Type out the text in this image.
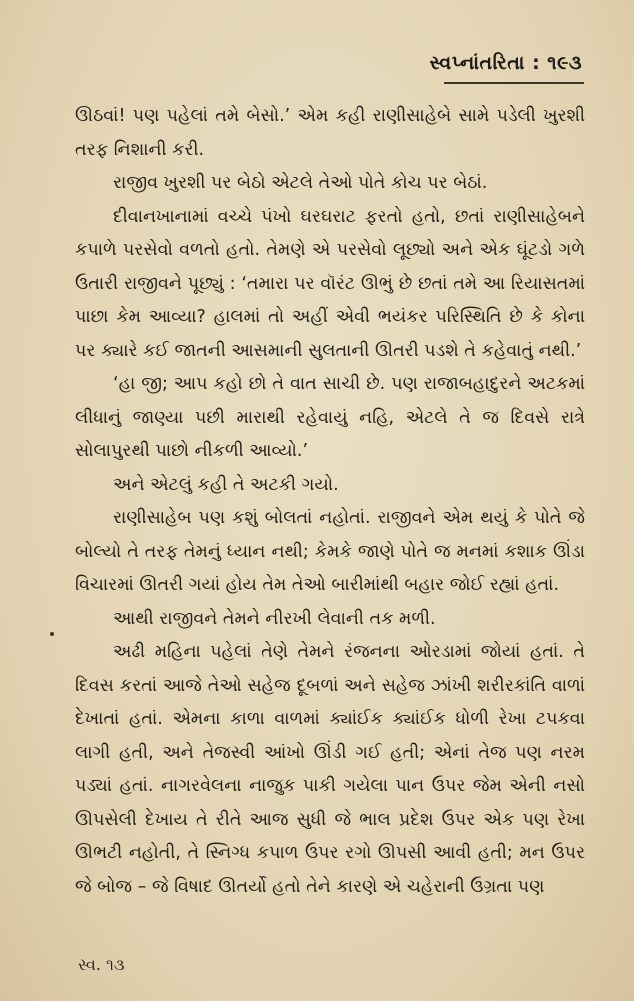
સ્વપ્નાંતરિતા : ૧૯૩

ઊઠવાં! પણ પહેલાં તમે બેસો.’ એમ કહી રાણીસાહેબે સામે પડેલી ખુરશી તરફ નિશાની કરી.

રાજીવ ખુરશી પર બેઠો એટલે તેઓ પોતે કોચ પર બેઠાં.

દીવાનખાનામાં વચ્ચે પંખો ઘરઘરાટ ફરતો હતો, છતાં રાણીસાહેબને કપાળે પરસેવો વળતો હતો. તેમણે એ પરસેવો લૂછ્યો અને એક ઘૂંટડો ગળે ઉતારી રાજીવને પૂછ્યું : ‘તમારા પર વૉરંટ ઊભું છે છતાં તમે આ રિયાસતમાં પાછા કેમ આવ્યા? હાલમાં તો અહીં એવી ભયંકર પરિસ્થિતિ છે કે કોના પર ક્યારે કઈ જાતની આસમાની સુલતાની ઊતરી પડશે તે કહેવાતું નથી.’

‘હા જી; આપ કહો છો તે વાત સાચી છે. પણ રાજાબહાદુરને અટકમાં લીધાનું જાણ્યા પછી મારાથી રહેવાયું નહિ, એટલે તે જ દિવસે રાત્રે સોલાપુરથી પાછો નીકળી આવ્યો.’

અને એટલું કહી તે અટકી ગયો.

રાણીસાહેબ પણ કશું બોલતાં નહોતાં. રાજીવને એમ થયું કે પોતે જે બોલ્યો તે તરફ તેમનું ધ્યાન નથી; કેમકે જાણે પોતે જ મનમાં કશાક ઊંડા વિચારમાં ઊતરી ગયાં હોય તેમ તેઓ બારીમાંથી બહાર જોઈ રહ્યાં હતાં.

આથી રાજીવને તેમને નીરખી લેવાની તક મળી.

અઢી મહિના પહેલાં તેણે તેમને રંજનના ઓરડામાં જોયાં હતાં. તે દિવસ કરતાં આજે તેઓ સહેજ દૂબળાં અને સહેજ ઝાંખી શરીરકાંતિ વાળાં દેખાતાં હતાં. એમના કાળા વાળમાં ક્યાંઈક ક્યાંઈક ધોળી રેખા ટપકવા લાગી હતી, અને તેજસ્વી આંખો ઊંડી ગઈ હતી; એનાં તેજ પણ નરમ પડ્યાં હતાં. નાગરવેલના નાજુક પાકી ગયેલા પાન ઉપર જેમ એની નસો ઊપસેલી દેખાય તે રીતે આજ સુધી જે ભાલ પ્રદેશ ઉપર એક પણ રેખા ઊભટી નહોતી, તે સ્નિગ્ધ કપાળ ઉપર રગો ઊપસી આવી હતી; મન ઉપર જે બોજ – જે વિષાદ ઊતર્યો હતો તેને કારણે એ ચહેરાની ઉગ્રતા પણ

સ્વ. ૧૩
